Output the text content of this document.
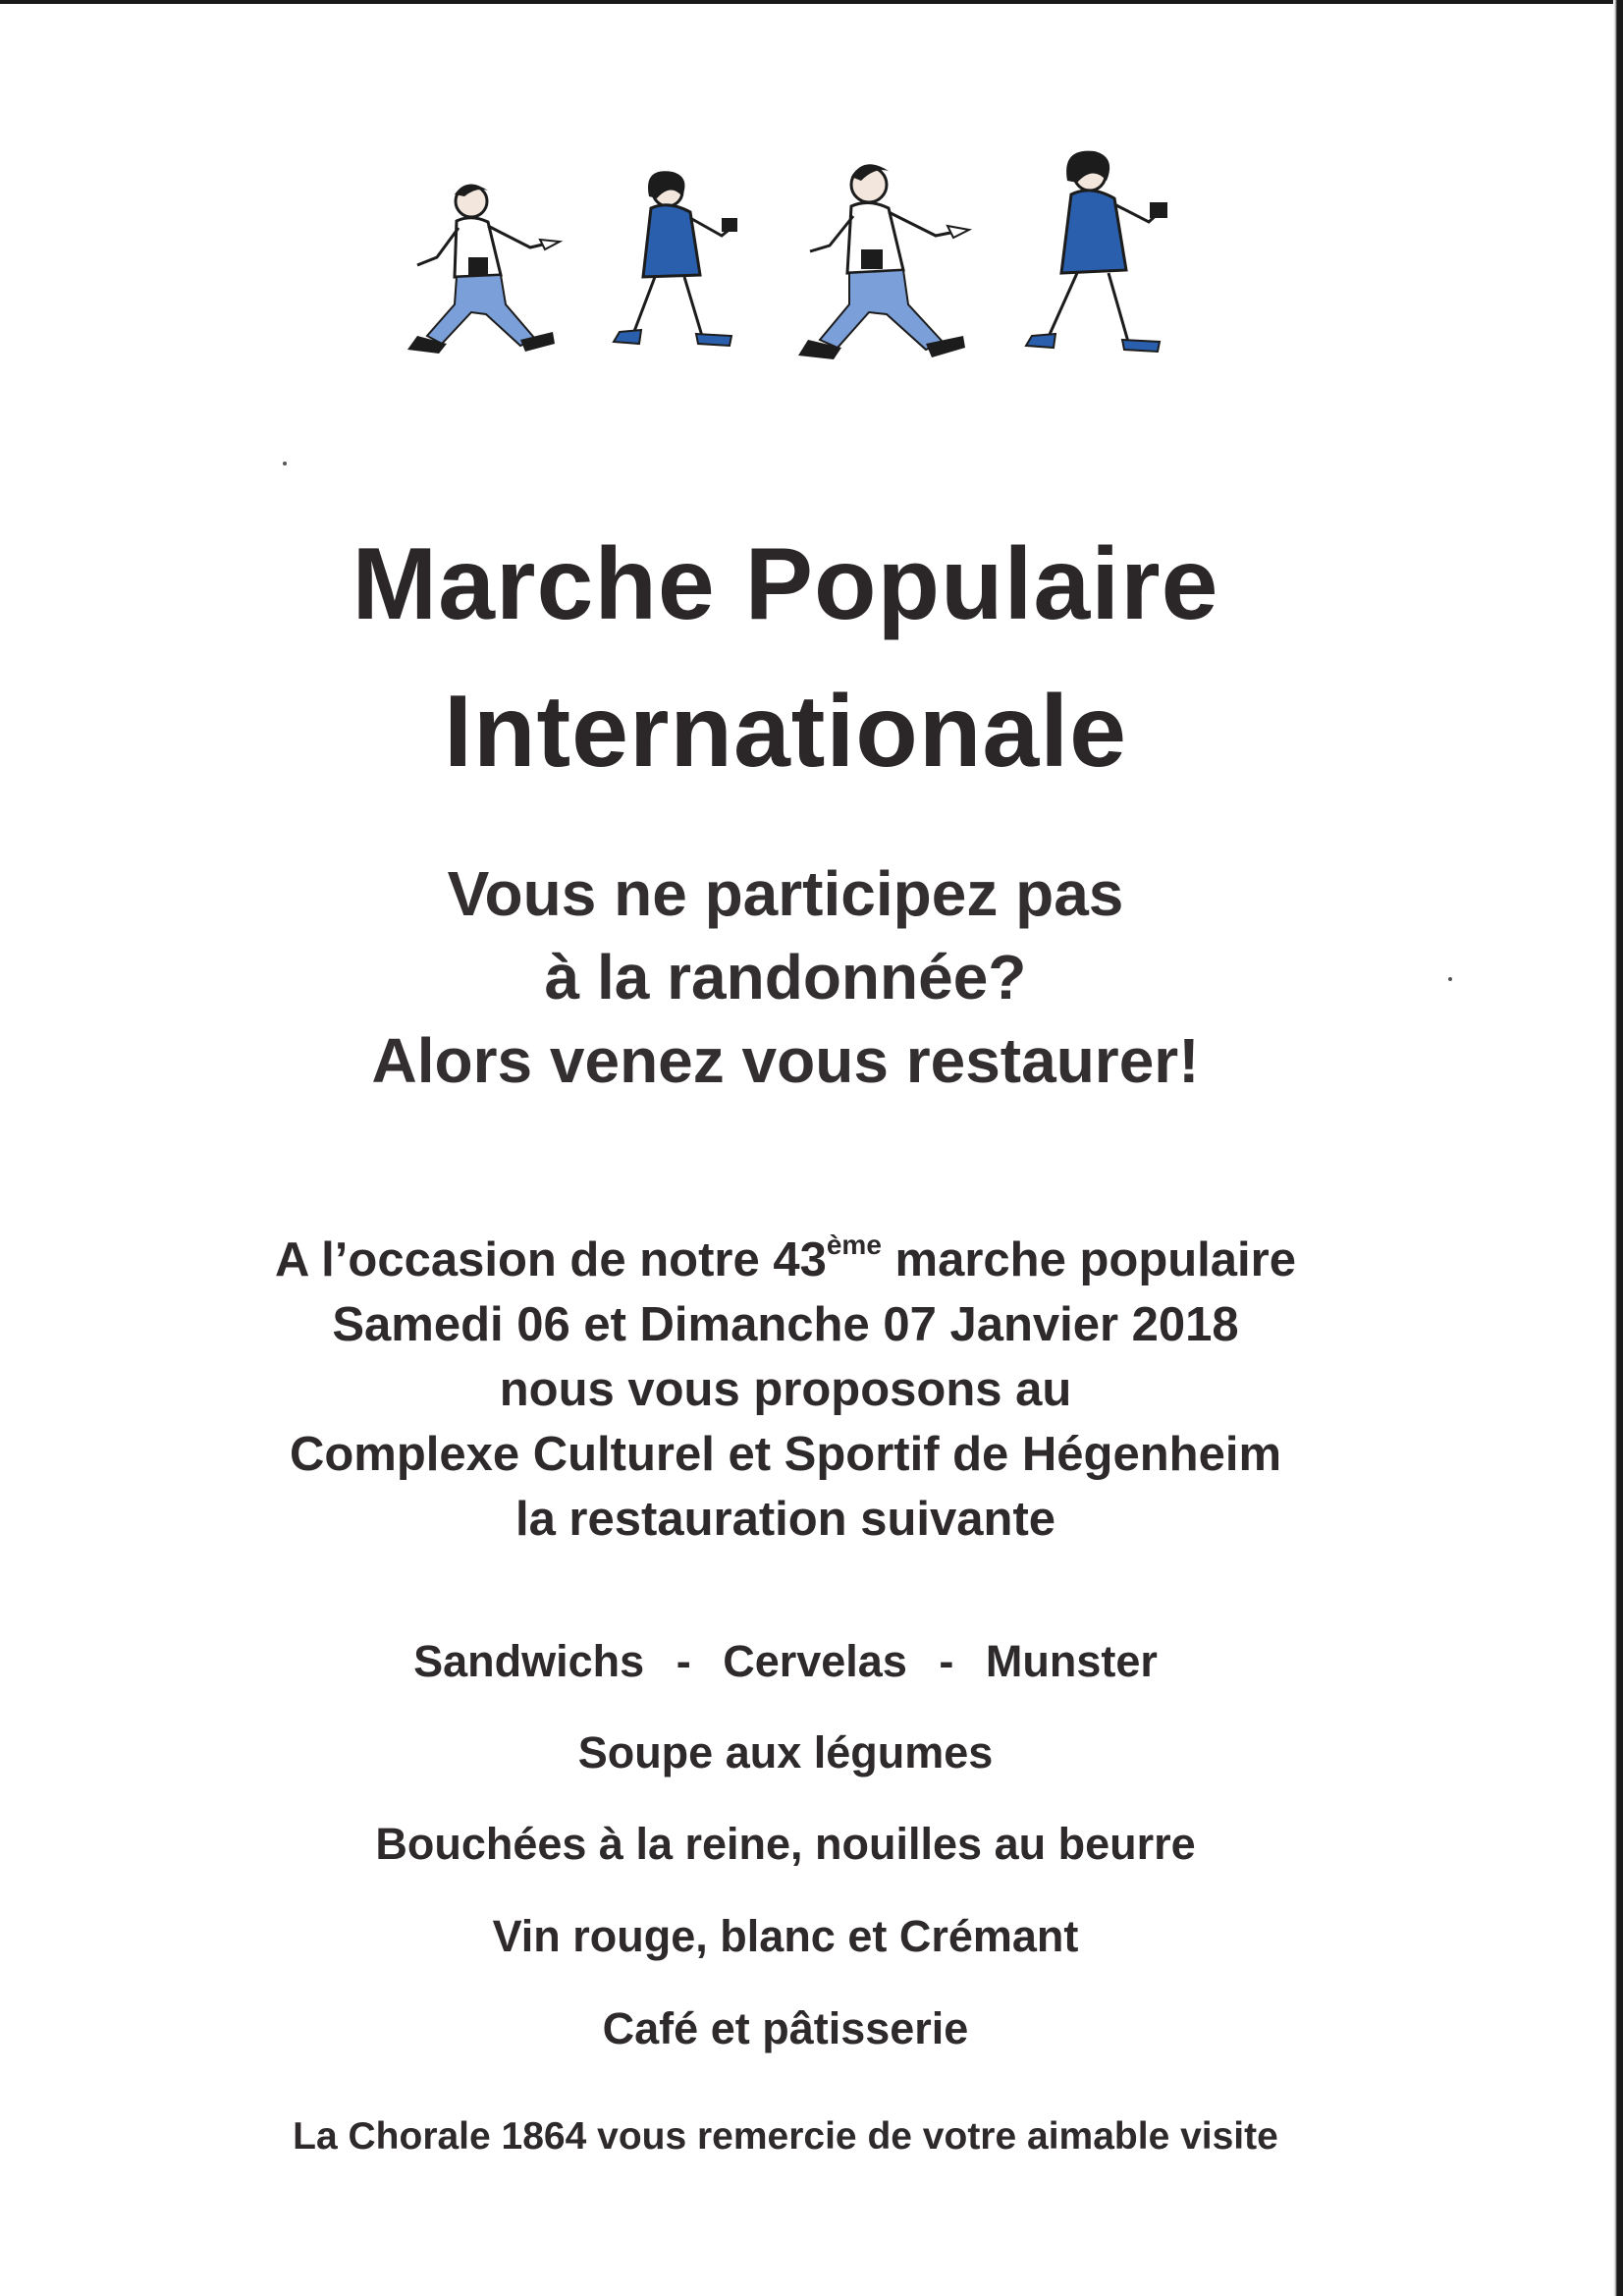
Marche Populaire
Internationale
Vous ne participez pas
à la randonnée?
Alors venez vous restaurer!
A l’occasion de notre 43ème marche populaire
Samedi 06 et Dimanche 07 Janvier 2018
nous vous proposons au
Complexe Culturel et Sportif de Hégenheim
la restauration suivante
Sandwichs - Cervelas - Munster
Soupe aux légumes
Bouchées à la reine, nouilles au beurre
Vin rouge, blanc et Crémant
Café et pâtisserie
La Chorale 1864 vous remercie de votre aimable visite
